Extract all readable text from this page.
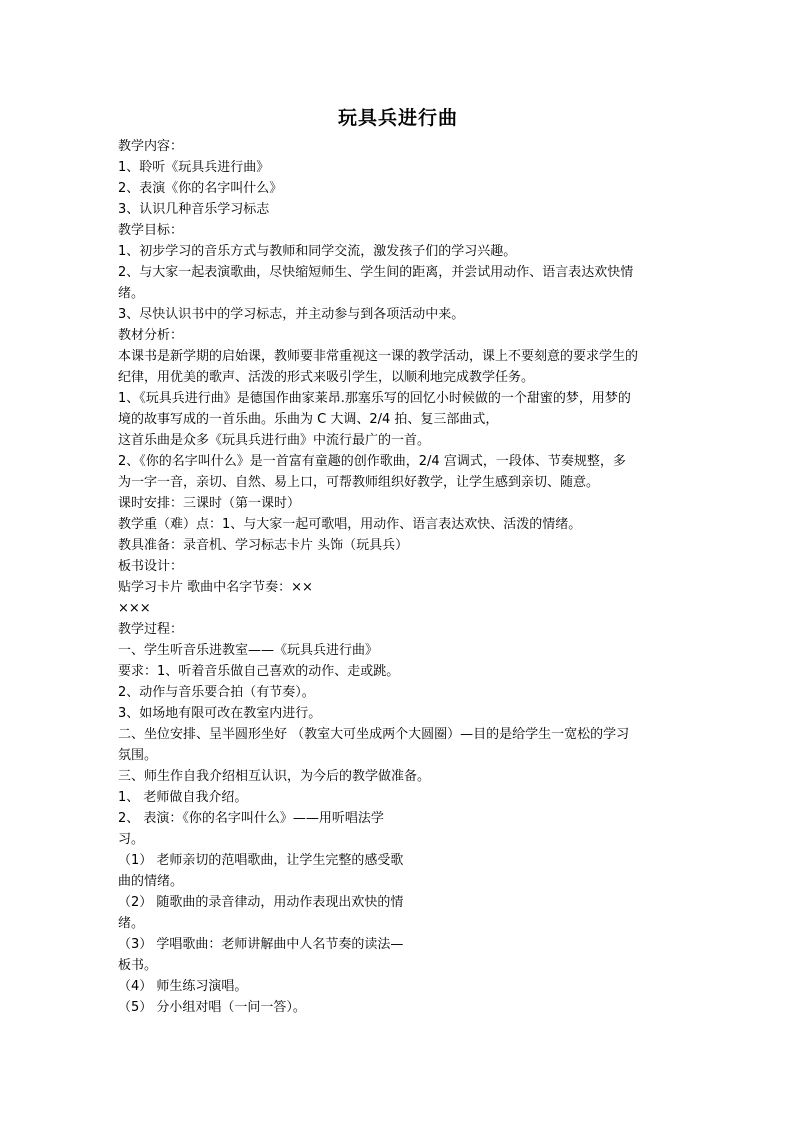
玩具兵进行曲
教学内容：
1、聆听《玩具兵进行曲》
2、表演《你的名字叫什么》
3、认识几种音乐学习标志
教学目标：
1、初步学习的音乐方式与教师和同学交流，激发孩子们的学习兴趣。
2、与大家一起表演歌曲，尽快缩短师生、学生间的距离，并尝试用动作、语言表达欢快情
绪。
3、尽快认识书中的学习标志，并主动参与到各项活动中来。
教材分析：
本课书是新学期的启始课，教师要非常重视这一课的教学活动，课上不要刻意的要求学生的
纪律，用优美的歌声、活泼的形式来吸引学生，以顺利地完成教学任务。
1、《玩具兵进行曲》是德国作曲家莱昂.那塞乐写的回忆小时候做的一个甜蜜的梦，用梦的
境的故事写成的一首乐曲。乐曲为 C 大调、2/4 拍、复三部曲式，
这首乐曲是众多《玩具兵进行曲》中流行最广的一首。
2、《你的名字叫什么》是一首富有童趣的创作歌曲，2/4 宫调式，一段体、节奏规整，多
为一字一音，亲切、自然、易上口，可帮教师组织好教学，让学生感到亲切、随意。
课时安排：三课时（第一课时）
教学重（难）点：1、与大家一起可歌唱，用动作、语言表达欢快、活泼的情绪。
教具准备：录音机、学习标志卡片 头饰（玩具兵）
板书设计：
贴学习卡片 歌曲中名字节奏：××
×××
教学过程：
一、学生听音乐进教室——《玩具兵进行曲》
要求：1、听着音乐做自己喜欢的动作、走或跳。
2、动作与音乐要合拍（有节奏）。
3、如场地有限可改在教室内进行。
二、坐位安排、呈半圆形坐好 （教室大可坐成两个大圆圈）—目的是给学生一宽松的学习
氛围。
三、师生作自我介绍相互认识，为今后的教学做准备。
1、 老师做自我介绍。
2、 表演：《你的名字叫什么》——用听唱法学
习。
（1） 老师亲切的范唱歌曲，让学生完整的感受歌
曲的情绪。
（2） 随歌曲的录音律动，用动作表现出欢快的情
绪。
（3） 学唱歌曲：老师讲解曲中人名节奏的读法—
板书。
（4） 师生练习演唱。
（5） 分小组对唱（一问一答）。
